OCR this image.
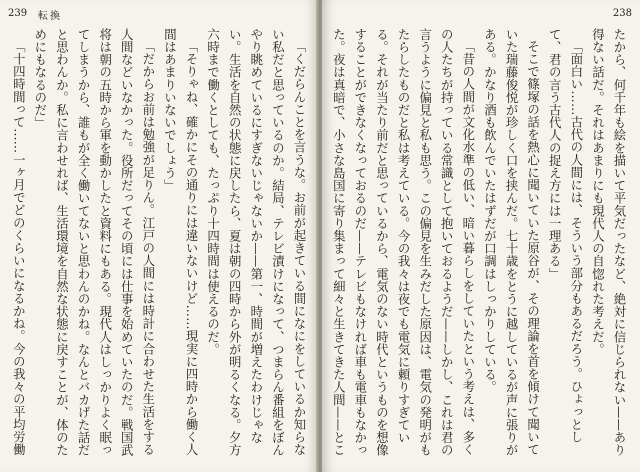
239 転換

「くだらんことを言うな。お前が起きている間になにをしているか知らない私だと思っているのか。結局、テレビ漬けになって、つまらん番組をぼんやり眺めているにすぎないじゃないか——第一、時間が増えたわけじゃない。生活を自然の状態に戻したら、夏は朝の四時から外が明るくなる。夕方六時まで働くとしても、たっぷり十四時間は使えるのだ。

「そりゃね、確かにその通りには違いないけど……現実に四時から働く人間はあまりいないでしょう」

「だからお前は勉強が足りん。江戸の人間には時計に合わせた生活をする人間などいなかった。役所だってその頃には仕事を始めていたのだ。戦国武将は朝の五時から軍を動かしたと資料にもある。現代人はしっかりよく眠ってしまうから、誰もが全く働いてないと思わんのかね。なんとバカげた話だと思わんか。私に言わせれば、生活環境を自然な状態に戻すことが、体のためにもなるのだ」

「十四時間って……一ヶ月でどのくらいになるかね。今の我々の平均労働

238

たから、何千年も絵を描いて平気だったなど、絶対に信じられない——あり得ない話だ。それはあまりにも現代人の自惚れた考えだ。

「面白い……古代の人間には、そういう部分もあるだろう。ひょっとして、君の言う古代人の捉え方には一理ある」

そこで篠塚の話を熱心に聞いていた原谷が、その理論を首を傾けて聞いていた瑞藤俊悦が珍しく口を挟んだ。七十歳をとうに越しているが声に張りがある。かなり酒も飲んでいたはずだが口調はしっかりしている。

「昔の人間が文化水準の低い、暗い暮らしをしていたという考えは、多くの人たちが持っている常識として抱いておるようだ——しかし、これは君の言うように偏見と私も思う。この偏見を生みだした原因は、電気の発明がもたらしたものだと私は考えている。今の我々は夜でも電気に頼りすぎている。それが当たり前だと思っているから、電気のない時代というものを想像することができなくなっておるのだ——テレビもなければ車も電車もなかった。夜は真暗で、小さな島国に寄り集まって細々と生きてきた人間——とこ
